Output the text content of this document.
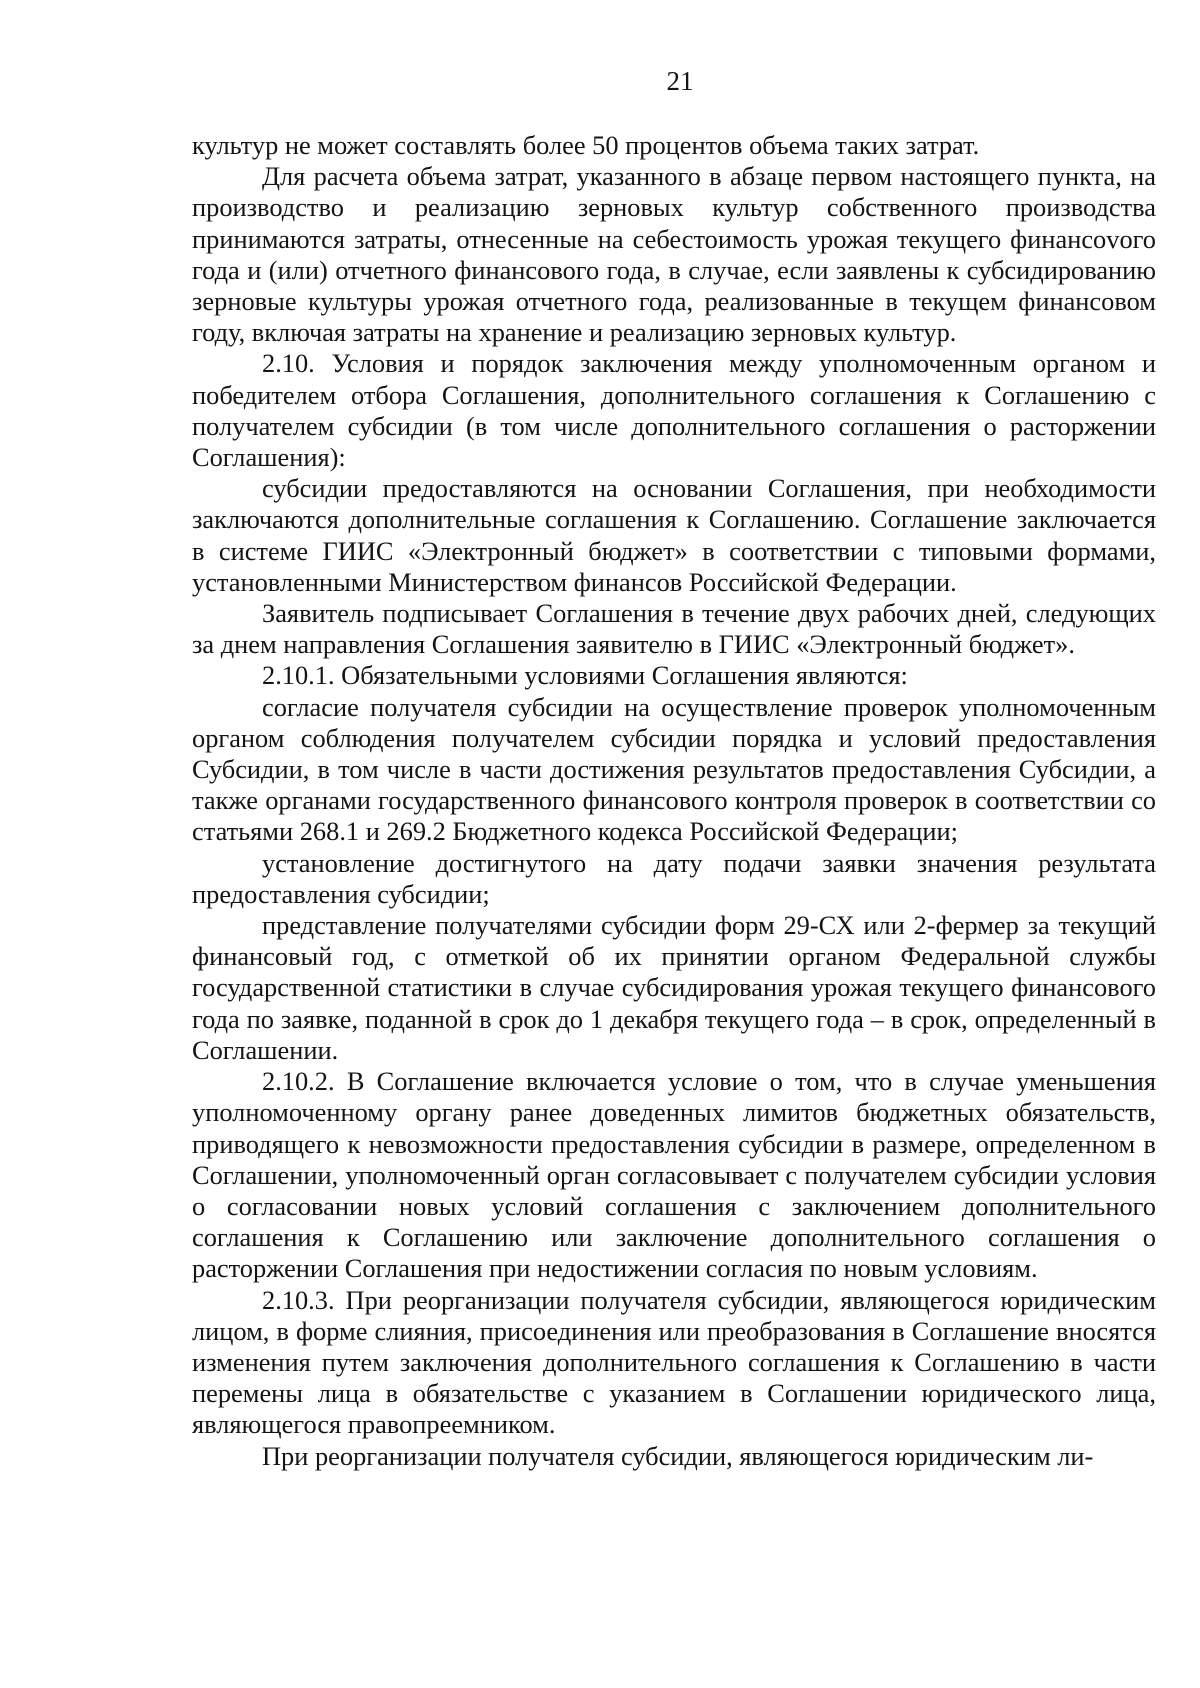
21

культур не может составлять более 50 процентов объема таких затрат.

Для расчета объема затрат, указанного в абзаце первом настоящего пункта, на производство и реализацию зерновых культур собственного производства принимаются затраты, отнесенные на себестоимость урожая текущего финансоvого года и (или) отчетного финансового года, в случае, если заявлены к субсидированию зерновые культуры урожая отчетного года, реализованные в текущем финансовом году, включая затраты на хранение и реализацию зерновых культур.

2.10. Условия и порядок заключения между уполномоченным органом и победителем отбора Соглашения, дополнительного соглашения к Соглашению с получателем субсидии (в том числе дополнительного соглашения о расторжении Соглашения):

субсидии предоставляются на основании Соглашения, при необходимости заключаются дополнительные соглашения к Соглашению. Соглашение заключается в системе ГИИС «Электронный бюджет» в соответствии с типовыми формами, установленными Министерством финансов Российской Федерации.

Заявитель подписывает Соглашения в течение двух рабочих дней, следующих за днем направления Соглашения заявителю в ГИИС «Электронный бюджет».

2.10.1. Обязательными условиями Соглашения являются:

согласие получателя субсидии на осуществление проверок уполномоченным органом соблюдения получателем субсидии порядка и условий предоставления Субсидии, в том числе в части достижения результатов предоставления Субсидии, а также органами государственного финансового контроля проверок в соответствии со статьями 268.1 и 269.2 Бюджетного кодекса Российской Федерации;

установление достигнутого на дату подачи заявки значения результата предоставления субсидии;

представление получателями субсидии форм 29-СХ или 2-фермер за текущий финансовый год, с отметкой об их принятии органом Федеральной службы государственной статистики в случае субсидирования урожая текущего финансового года по заявке, поданной в срок до 1 декабря текущего года – в срок, определенный в Соглашении.

2.10.2. В Соглашение включается условие о том, что в случае уменьшения уполномоченному органу ранее доведенных лимитов бюджетных обязательств, приводящего к невозможности предоставления субсидии в размере, определенном в Соглашении, уполномоченный орган согласовывает с получателем субсидии условия о согласовании новых условий соглашения с заключением дополнительного соглашения к Соглашению или заключение дополнительного соглашения о расторжении Соглашения при недостижении согласия по новым условиям.

2.10.3. При реорганизации получателя субсидии, являющегося юридическим лицом, в форме слияния, присоединения или преобразования в Соглашение вносятся изменения путем заключения дополнительного соглашения к Соглашению в части перемены лица в обязательстве с указанием в Соглашении юридического лица, являющегося правопреемником.

При реорганизации получателя субсидии, являющегося юридическим ли-
